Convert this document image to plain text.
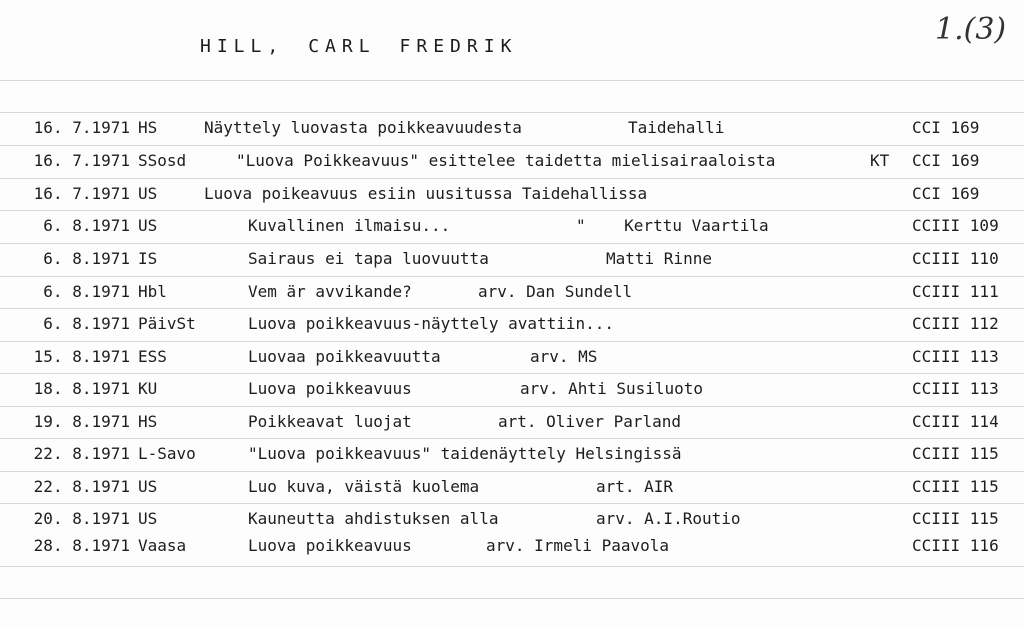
HILL, CARL FREDRIK	1.(3)
16. 7.1971 HS	Näyttely luovasta poikkeavuudesta	Taidehalli	CCI 169
16. 7.1971 SSosd	"Luova Poikkeavuus" esittelee taidetta mielisairaaloista	KT CCI 169
16. 7.1971 US	Luova poikeavuus esiin uusitussa Taidehallissa	CCI 169
6. 8.1971 US	Kuvallinen ilmaisu...	"    Kerttu Vaartila	CCIII 109
6. 8.1971 IS	Sairaus ei tapa luovuutta	Matti Rinne	CCIII 110
6. 8.1971 Hbl	Vem är avvikande?	arv. Dan Sundell	CCIII 111
6. 8.1971 PäivSt	Luova poikkeavuus-näyttely avattiin...	CCIII 112
15. 8.1971 ESS	Luovaa poikkeavuutta	arv. MS	CCIII 113
18. 8.1971 KU	Luova poikkeavuus	arv. Ahti Susiluoto	CCIII 113
19. 8.1971 HS	Poikkeavat luojat	art. Oliver Parland	CCIII 114
22. 8.1971 L-Savo	"Luova poikkeavuus" taidenäyttely Helsingissä	CCIII 115
22. 8.1971 US	Luo kuva, väistä kuolema	art. AIR	CCIII 115
20. 8.1971 US	Kauneutta ahdistuksen alla	arv. A.I.Routio	CCIII 115
28. 8.1971 Vaasa	Luova poikkeavuus	arv. Irmeli Paavola	CCIII 116
